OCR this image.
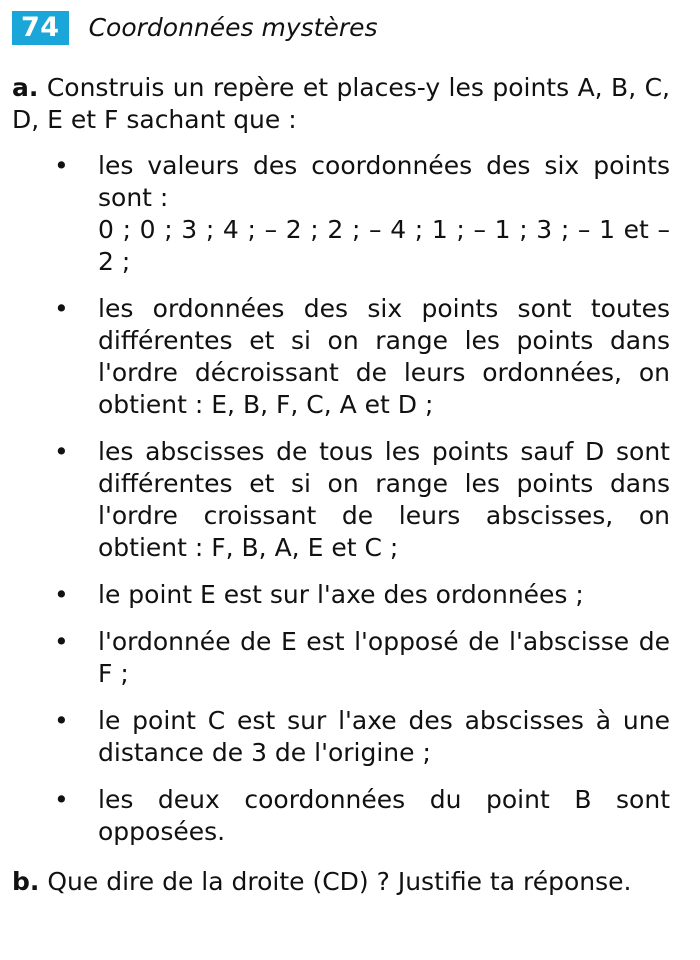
74	Coordonnées mystères

a. Construis un repère et places-y les points A, B, C, D, E et F sachant que :

• les valeurs des coordonnées des six points sont :
0 ; 0 ; 3 ; 4 ; – 2 ; 2 ; – 4 ; 1 ; – 1 ; 3 ; – 1 et – 2 ;
• les ordonnées des six points sont toutes différentes et si on range les points dans l'ordre décroissant de leurs ordonnées, on obtient : E, B, F, C, A et D ;
• les abscisses de tous les points sauf D sont différentes et si on range les points dans l'ordre croissant de leurs abscisses, on obtient : F, B, A, E et C ;
• le point E est sur l'axe des ordonnées ;
• l'ordonnée de E est l'opposé de l'abscisse de F ;
• le point C est sur l'axe des abscisses à une distance de 3 de l'origine ;
• les deux coordonnées du point B sont opposées.

b. Que dire de la droite (CD) ? Justifie ta réponse.
